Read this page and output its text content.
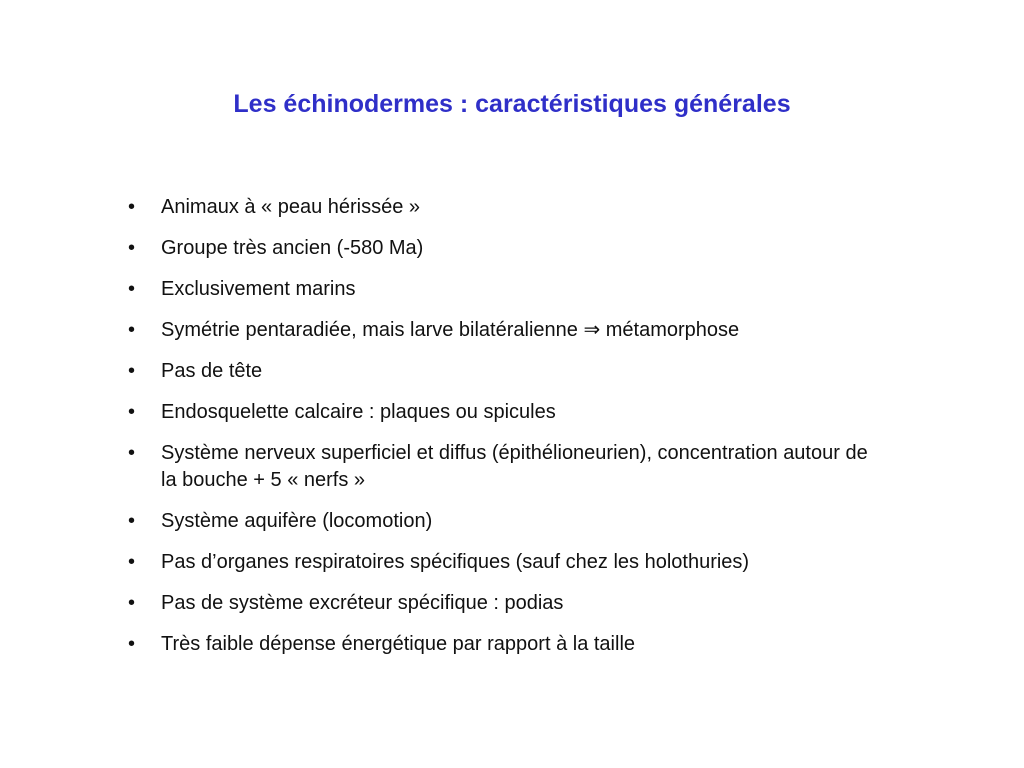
Les échinodermes : caractéristiques générales
•	Animaux à « peau hérissée »
•	Groupe très ancien (-580 Ma)
•	Exclusivement marins
•	Symétrie pentaradiée, mais larve bilatéralienne ⇒ métamorphose
•	Pas de tête
•	Endosquelette calcaire : plaques ou spicules
•	Système nerveux superficiel et diffus (épithélioneurien), concentration autour de la bouche + 5 « nerfs »
•	Système aquifère (locomotion)
•	Pas d’organes respiratoires spécifiques (sauf chez les holothuries)
•	Pas de système excréteur spécifique : podias
•	Très faible dépense énergétique par rapport à la taille
